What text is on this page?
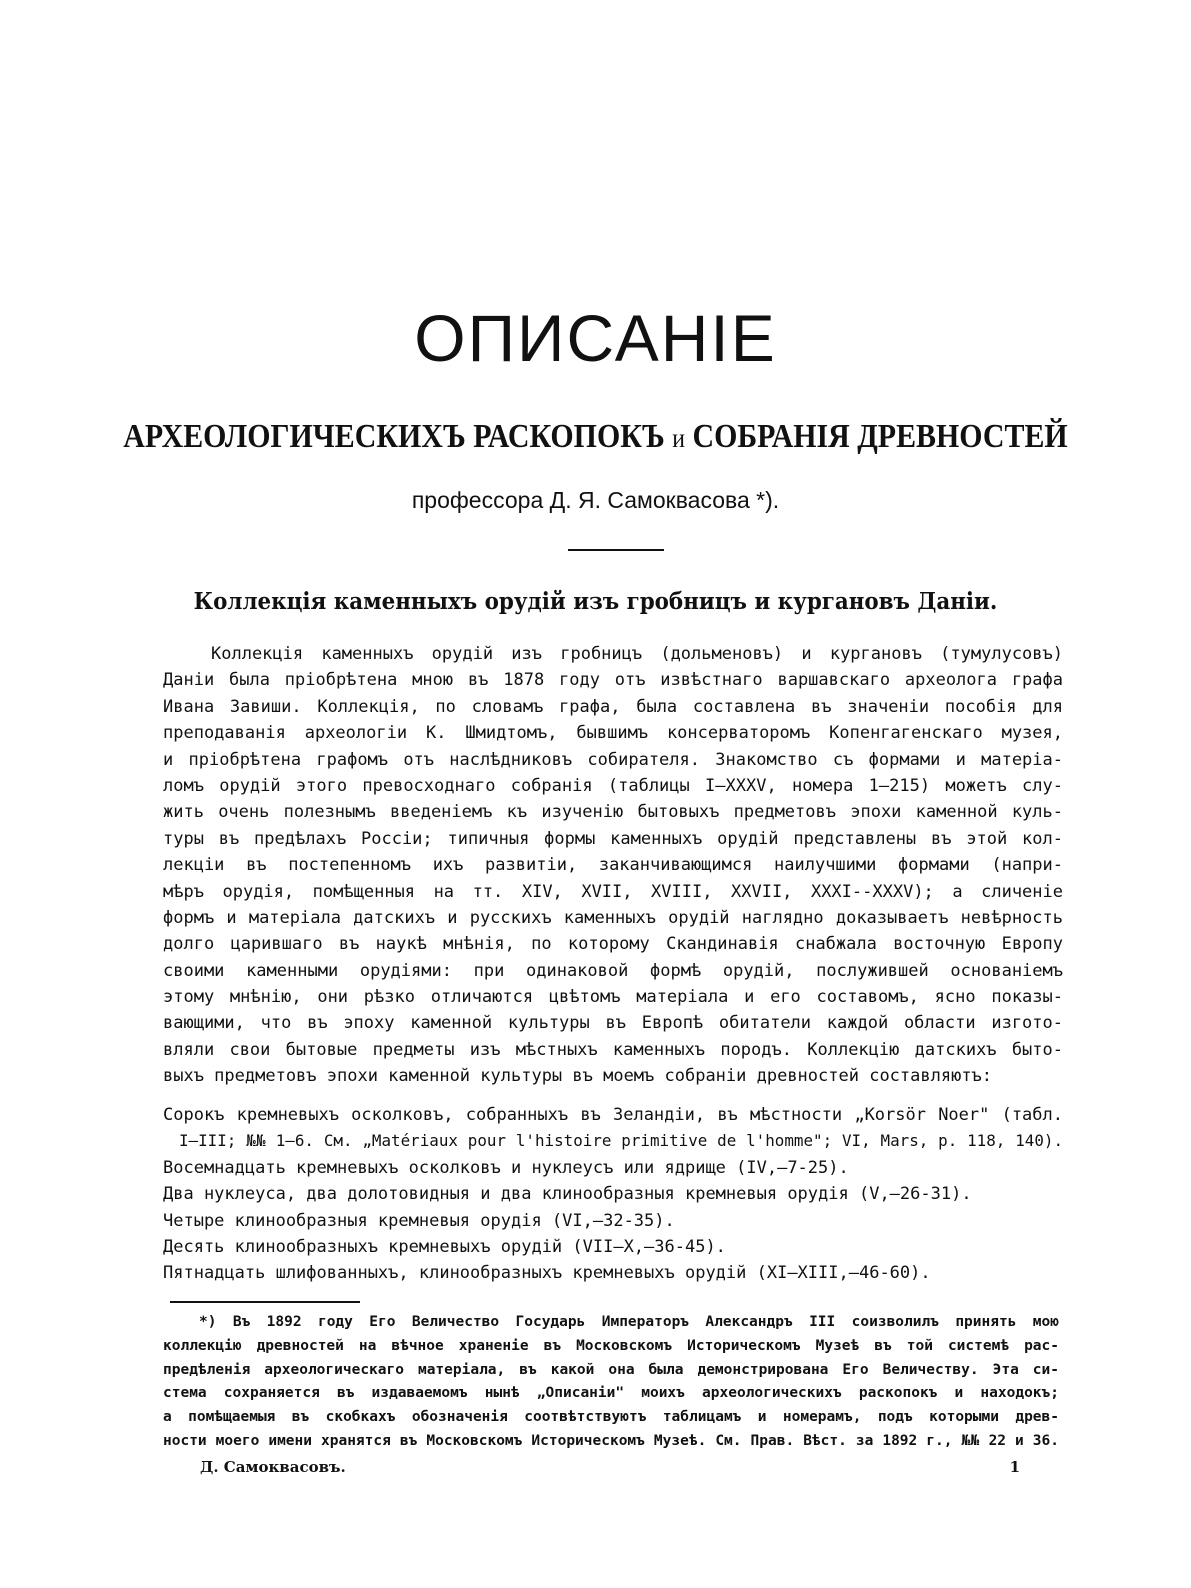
ОПИСАНІЕ
АРХЕОЛОГИЧЕСКИХЪ РАСКОПОКЪ и СОБРАНІЯ ДРЕВНОСТЕЙ

профессора Д. Я. Самоквасова *).

Коллекція каменныхъ орудій изъ гробницъ и кургановъ Даніи.
Коллекція каменныхъ орудій изъ гробницъ (дольменовъ) и кургановъ (тумулусовъ)
Даніи была пріобрѣтена мною въ 1878 году отъ извѣстнаго варшавскаго археолога графа
Ивана Завиши. Коллекція, по словамъ графа, была составлена въ значеніи пособія для
преподаванія археологіи К. Шмидтомъ, бывшимъ консерваторомъ Копенгагенскаго музея,
и пріобрѣтена графомъ отъ наслѣдниковъ собирателя. Знакомство съ формами и матеріа-
ломъ орудій этого превосходнаго собранія (таблицы I—XXXV, номера 1—215) можетъ слу-
жить очень полезнымъ введеніемъ къ изученію бытовыхъ предметовъ эпохи каменной куль-
туры въ предѣлахъ Россіи; типичныя формы каменныхъ орудій представлены въ этой кол-
лекціи въ постепенномъ ихъ развитіи, заканчивающимся наилучшими формами (напри-
мѣръ орудія, помѣщенныя на тт. XIV, XVII, XVIII, XXVII, XXXI--XXXV); а сличеніе
формъ и матеріала датскихъ и русскихъ каменныхъ орудій наглядно доказываетъ невѣрность
долго царившаго въ наукѣ мнѣнія, по которому Скандинавія снабжала восточную Европу
своими каменными орудіями: при одинаковой формѣ орудій, послужившей основаніемъ
этому мнѣнію, они рѣзко отличаются цвѣтомъ матеріала и его составомъ, ясно показы-
вающими, что въ эпоху каменной культуры въ Европѣ обитатели каждой области изгото-
вляли свои бытовые предметы изъ мѣстныхъ каменныхъ породъ. Коллекцію датскихъ быто-
выхъ предметовъ эпохи каменной культуры въ моемъ собраніи древностей составляютъ:
Сорокъ кремневыхъ осколковъ, собранныхъ въ Зеландіи, въ мѣстности „Korsör Noer" (табл.
I—III; №№ 1—6. См. „Matériaux pour l'histoire primitive de l'homme"; VI, Mars, p. 118, 140).
Восемнадцать кремневыхъ осколковъ и нуклеусъ или ядрище (IV,—7-25).
Два нуклеуса, два долотовидныя и два клинообразныя кремневыя орудія (V,—26-31).
Четыре клинообразныя кремневыя орудія (VI,—32-35).
Десять клинообразныхъ кремневыхъ орудій (VII—X,—36-45).
Пятнадцать шлифованныхъ, клинообразныхъ кремневыхъ орудій (XI—XIII,—46-60).
*) Въ 1892 году Его Величество Государь Императоръ Александръ III соизволилъ принять мою
коллекцію древностей на вѣчное храненіе въ Московскомъ Историческомъ Музеѣ въ той системѣ рас-
предѣленія археологическаго матеріала, въ какой она была демонстрирована Его Величеству. Эта си-
стема сохраняется въ издаваемомъ нынѣ „Описаніи" моихъ археологическихъ раскопокъ и находокъ;
а помѣщаемыя въ скобкахъ обозначенія соотвѣтствуютъ таблицамъ и номерамъ, подъ которыми древ-
ности моего имени хранятся въ Московскомъ Историческомъ Музеѣ. См. Прав. Вѣст. за 1892 г., №№ 22 и 36.
Д. Самоквасовъ.	1
